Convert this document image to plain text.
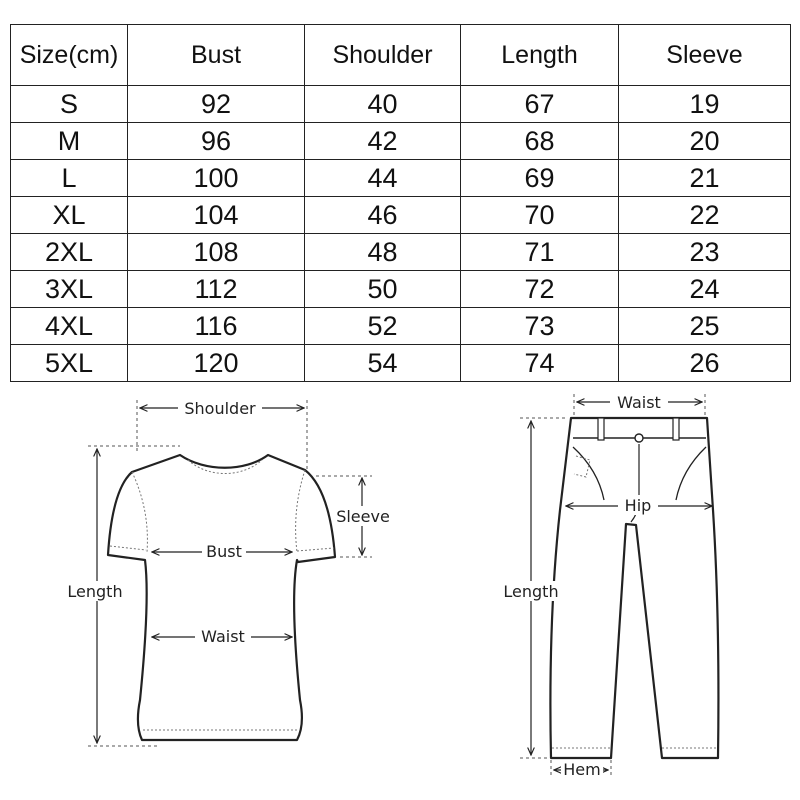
Size(cm)	Bust	Shoulder	Length	Sleeve
S	92	40	67	19
M	96	42	68	20
L	100	44	69	21
XL	104	46	70	22
2XL	108	48	71	23
3XL	112	50	72	24
4XL	116	52	73	25
5XL	120	54	74	26
Shoulder
Sleeve
Bust
Waist
Length
Waist
Hip
Length
Hem
